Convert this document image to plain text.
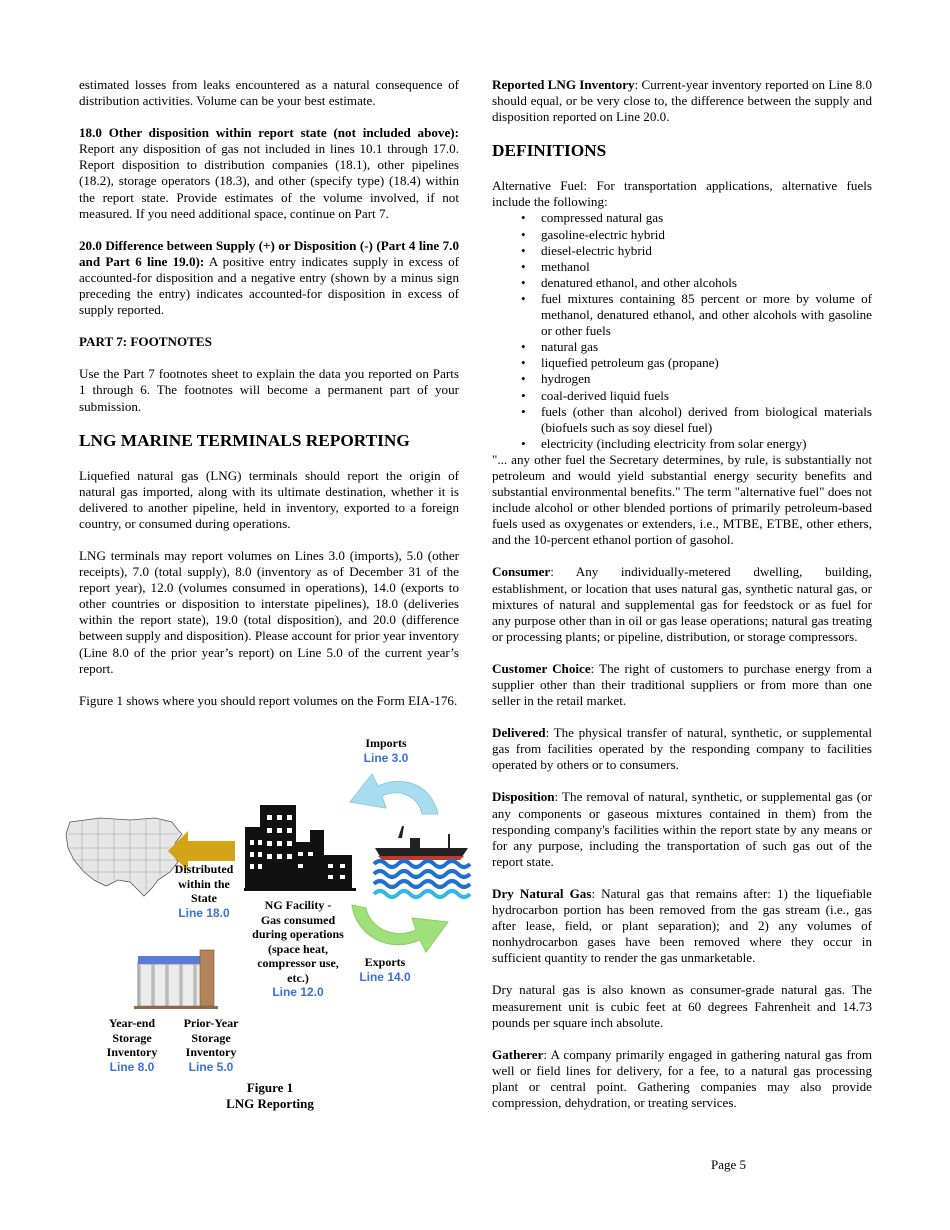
estimated losses from leaks encountered as a natural consequence of distribution activities. Volume can be your best estimate.

18.0 Other disposition within report state (not included above): Report any disposition of gas not included in lines 10.1 through 17.0. Report disposition to distribution companies (18.1), other pipelines (18.2), storage operators (18.3), and other (specify type) (18.4) within the report state. Provide estimates of the volume involved, if not measured. If you need additional space, continue on Part 7.

20.0 Difference between Supply (+) or Disposition (-) (Part 4 line 7.0 and Part 6 line 19.0): A positive entry indicates supply in excess of accounted-for disposition and a negative entry (shown by a minus sign preceding the entry) indicates accounted-for disposition in excess of supply reported.

PART 7: FOOTNOTES

Use the Part 7 footnotes sheet to explain the data you reported on Parts 1 through 6. The footnotes will become a permanent part of your submission.

LNG MARINE TERMINALS REPORTING

Liquefied natural gas (LNG) terminals should report the origin of natural gas imported, along with its ultimate destination, whether it is delivered to another pipeline, held in inventory, exported to a foreign country, or consumed during operations.

LNG terminals may report volumes on Lines 3.0 (imports), 5.0 (other receipts), 7.0 (total supply), 8.0 (inventory as of December 31 of the report year), 12.0 (volumes consumed in operations), 14.0 (exports to other countries or disposition to interstate pipelines), 18.0 (deliveries within the report state), 19.0 (total disposition), and 20.0 (difference between supply and disposition). Please account for prior year inventory (Line 8.0 of the prior year’s report) on Line 5.0 of the current year’s report.

Figure 1 shows where you should report volumes on the Form EIA-176.

Imports
Line 3.0
Distributed
within the
State
Line 18.0
NG Facility -
Gas consumed
during operations
(space heat,
compressor use,
etc.)
Line 12.0
Exports
Line 14.0
Year-end
Storage
Inventory
Line 8.0
Prior-Year
Storage
Inventory
Line 5.0
Figure 1
LNG Reporting

Reported LNG Inventory: Current-year inventory reported on Line 8.0 should equal, or be very close to, the difference between the supply and disposition reported on Line 20.0.

DEFINITIONS

Alternative Fuel: For transportation applications, alternative fuels include the following:

• compressed natural gas
• gasoline-electric hybrid
• diesel-electric hybrid
• methanol
• denatured ethanol, and other alcohols
• fuel mixtures containing 85 percent or more by volume of methanol, denatured ethanol, and other alcohols with gasoline or other fuels
• natural gas
• liquefied petroleum gas (propane)
• hydrogen
• coal-derived liquid fuels
• fuels (other than alcohol) derived from biological materials (biofuels such as soy diesel fuel)
• electricity (including electricity from solar energy)

"... any other fuel the Secretary determines, by rule, is substantially not petroleum and would yield substantial energy security benefits and substantial environmental benefits." The term "alternative fuel" does not include alcohol or other blended portions of primarily petroleum-based fuels used as oxygenates or extenders, i.e., MTBE, ETBE, other ethers, and the 10-percent ethanol portion of gasohol.

Consumer: Any individually-metered dwelling, building, establishment, or location that uses natural gas, synthetic natural gas, or mixtures of natural and supplemental gas for feedstock or as fuel for any purpose other than in oil or gas lease operations; natural gas treating or processing plants; or pipeline, distribution, or storage compressors.

Customer Choice: The right of customers to purchase energy from a supplier other than their traditional suppliers or from more than one seller in the retail market.

Delivered: The physical transfer of natural, synthetic, or supplemental gas from facilities operated by the responding company to facilities operated by others or to consumers.

Disposition: The removal of natural, synthetic, or supplemental gas (or any components or gaseous mixtures contained in them) from the responding company's facilities within the report state by any means or for any purpose, including the transportation of such gas out of the report state.

Dry Natural Gas: Natural gas that remains after: 1) the liquefiable hydrocarbon portion has been removed from the gas stream (i.e., gas after lease, field, or plant separation); and 2) any volumes of nonhydrocarbon gases have been removed where they occur in sufficient quantity to render the gas unmarketable.

Dry natural gas is also known as consumer-grade natural gas. The measurement unit is cubic feet at 60 degrees Fahrenheit and 14.73 pounds per square inch absolute.

Gatherer: A company primarily engaged in gathering natural gas from well or field lines for delivery, for a fee, to a natural gas processing plant or central point. Gathering companies may also provide compression, dehydration, or treating services.

Page 5
